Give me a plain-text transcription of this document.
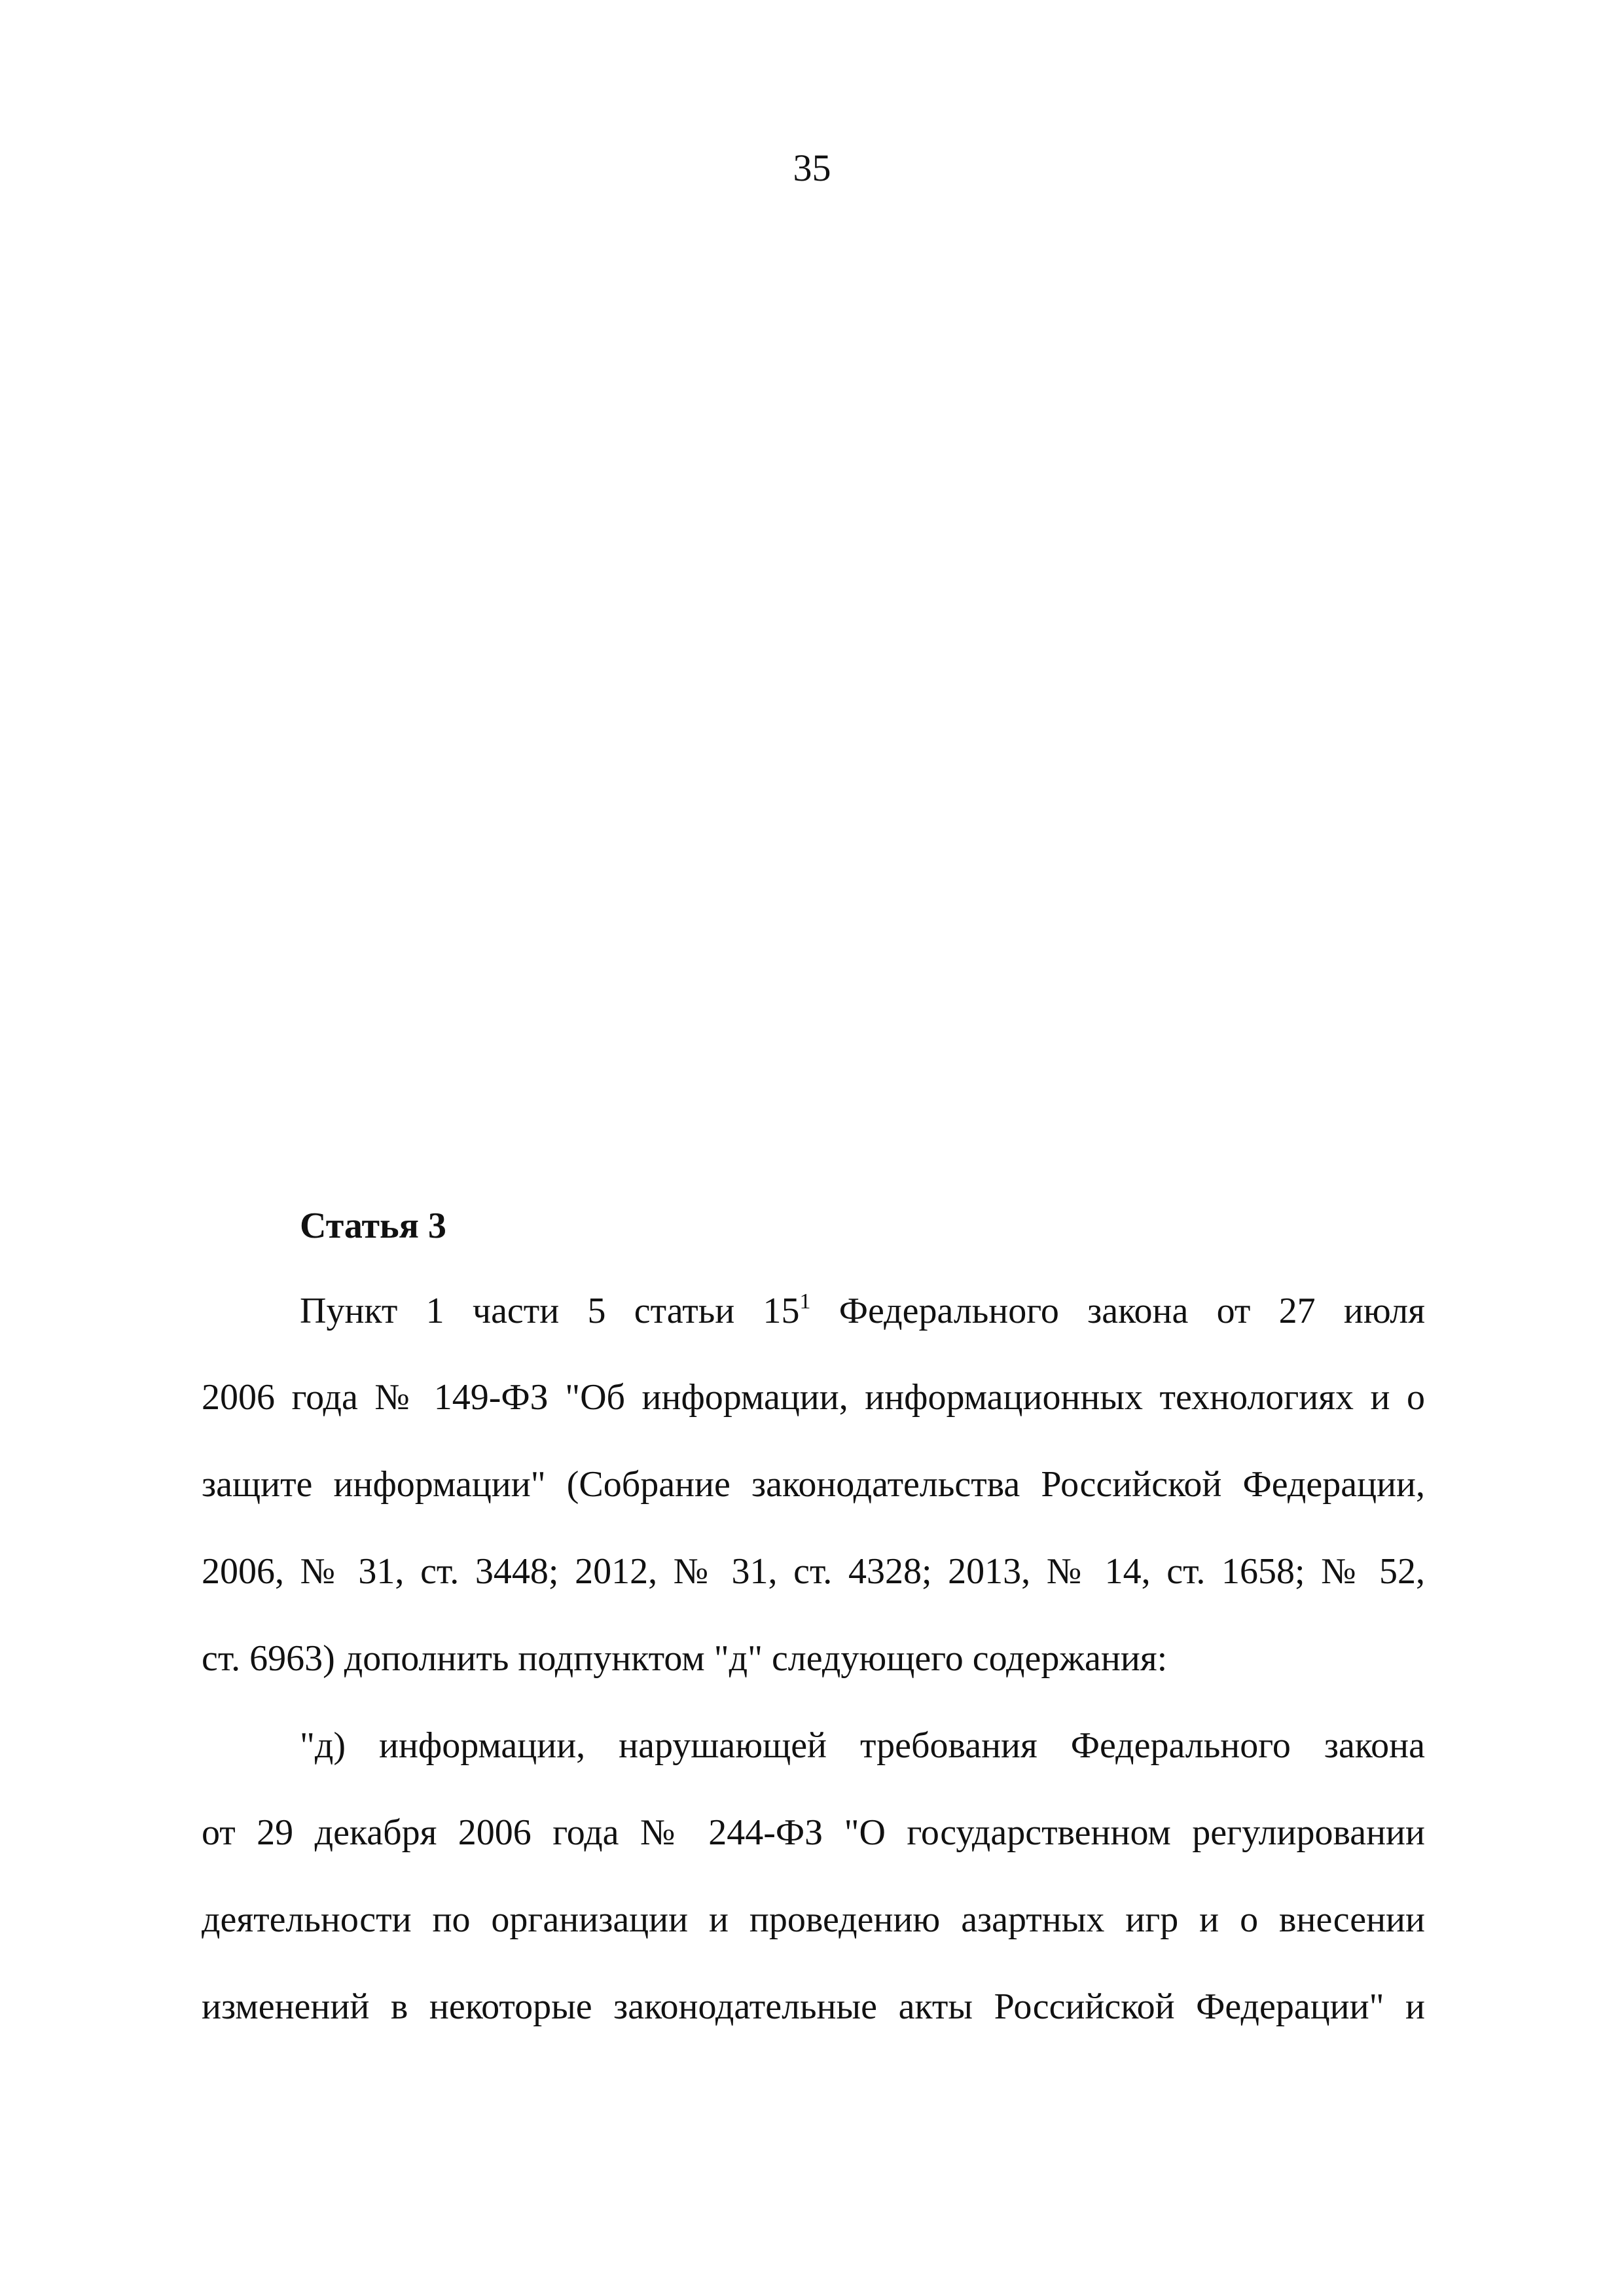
35
Статья 3
Пункт 1 части 5 статьи $15^1$ Федерального закона от 27 июля
2006 года № 149-ФЗ "Об информации, информационных технологиях и о
защите информации" (Собрание законодательства Российской Федерации,
2006, № 31, ст. 3448; 2012, № 31, ст. 4328; 2013, № 14, ст. 1658; № 52,
ст. 6963) дополнить подпунктом "д" следующего содержания:
"д) информации, нарушающей требования Федерального закона
от 29 декабря 2006 года № 244-ФЗ "О государственном регулировании
деятельности по организации и проведению азартных игр и о внесении
изменений в некоторые законодательные акты Российской Федерации" и
